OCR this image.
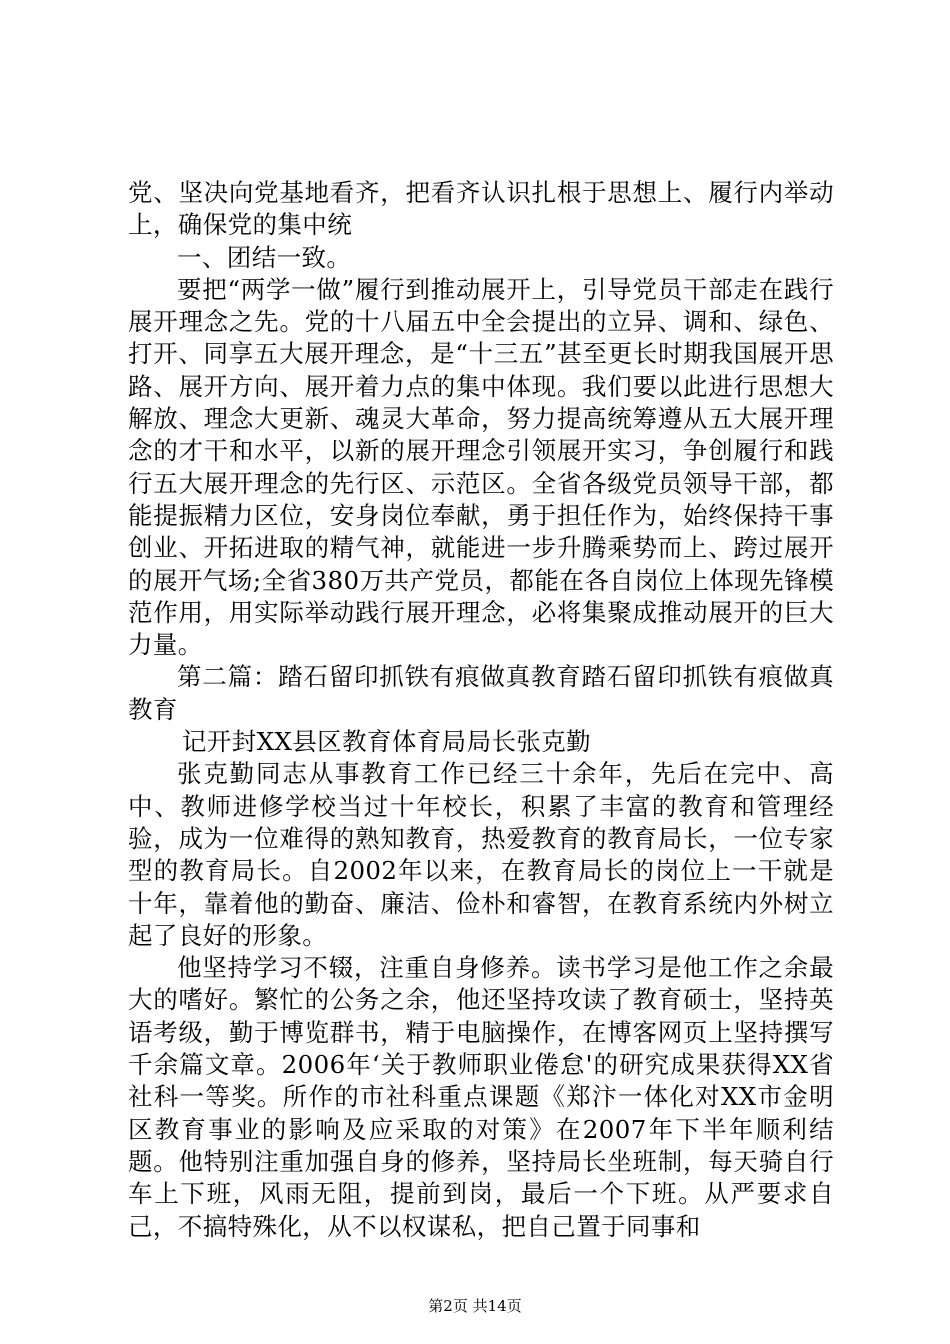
党、坚决向党基地看齐，把看齐认识扎根于思想上、履行内举动上，确保党的集中统

一、团结一致。

要把“两学一做”履行到推动展开上，引导党员干部走在践行展开理念之先。党的十八届五中全会提出的立异、调和、绿色、打开、同享五大展开理念，是“十三五”甚至更长时期我国展开思路、展开方向、展开着力点的集中体现。我们要以此进行思想大解放、理念大更新、魂灵大革命，努力提高统筹遵从五大展开理念的才干和水平，以新的展开理念引领展开实习，争创履行和践行五大展开理念的先行区、示范区。全省各级党员领导干部，都能提振精力区位，安身岗位奉献，勇于担任作为，始终保持干事创业、开拓进取的精气神，就能进一步升腾乘势而上、跨过展开的展开气场;全省380万共产党员，都能在各自岗位上体现先锋模范作用，用实际举动践行展开理念，必将集聚成推动展开的巨大力量。

第二篇：踏石留印抓铁有痕做真教育踏石留印抓铁有痕做真教育

记开封XX县区教育体育局局长张克勤

张克勤同志从事教育工作已经三十余年，先后在完中、高中、教师进修学校当过十年校长，积累了丰富的教育和管理经验，成为一位难得的熟知教育，热爱教育的教育局长，一位专家型的教育局长。自2002年以来，在教育局长的岗位上一干就是十年，靠着他的勤奋、廉洁、俭朴和睿智，在教育系统内外树立起了良好的形象。

他坚持学习不辍，注重自身修养。读书学习是他工作之余最大的嗜好。繁忙的公务之余，他还坚持攻读了教育硕士，坚持英语考级，勤于博览群书，精于电脑操作，在博客网页上坚持撰写千余篇文章。2006年‘关于教师职业倦怠'的研究成果获得XX省社科一等奖。所作的市社科重点课题《郑汴一体化对XX市金明区教育事业的影响及应采取的对策》在2007年下半年顺利结题。他特别注重加强自身的修养，坚持局长坐班制，每天骑自行车上下班，风雨无阻，提前到岗，最后一个下班。从严要求自己，不搞特殊化，从不以权谋私，把自己置于同事和

第2页 共14页
